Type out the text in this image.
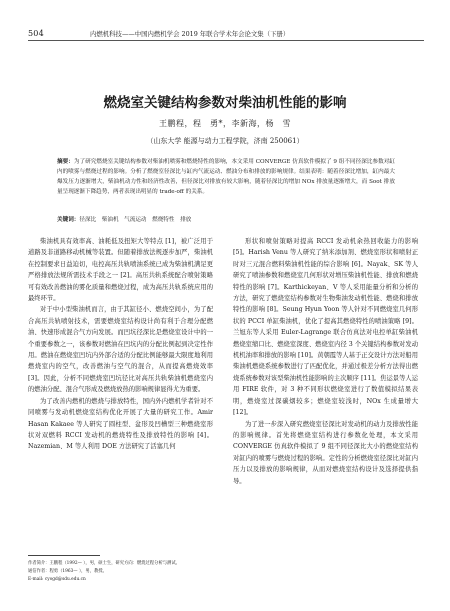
504	内燃机科技——中国内燃机学会 2019 年联合学术年会论文集（下册）
燃烧室关键结构参数对柴油机性能的影响
王鹏程，程　勇*，李新海，杨　雪
（山东大学 能源与动力工程学院，济南 250061）
摘要：为了研究燃烧室关键结构参数对柴油机喷雾和燃烧特性的影响，本文采用 CONVERGE 仿真软件模拟了 9 组不同径深比参数对缸内的喷雾与燃烧过程的影响。分析了燃烧室径深比与缸内气流运动、燃油分布和排放的影响规律。结果表明：随着径深比增加，缸内最大爆发压力逐渐增大，柴油机动力性和经济性改善，但径深比对排放有较大影响，随着径深比的增加 NOx 排放量逐渐增大，而 Soot 排放量呈现逐渐下降趋势，两者表现出明显的 trade-off 的关系。
关键词：径深比　柴油机　气流运动　燃烧特性　排放

柴油机具有效率高、油耗低及扭矩大等特点 [1]，被广泛用于道路及非道路移动机械等装置。但随着排放法规逐步加严，柴油机在控制要求日益迫切，电控高压共轨喷油系统已成为柴油机满足更严格排放法规所需技术手段之一 [2]。高压共轨系统配合喷射策略可有效改善燃油的雾化质量和燃烧过程，成为高压共轨系统应用的最终环节。

对于中小型柴油机而言，由于其缸径小、燃烧空间小，为了配合高压共轨喷射技术，需要燃烧室结构设计尚有利于合理分配燃油、快速形成混合气方向发展。而凹坑径深比是燃烧室设计中的一个重要参数之一，该参数对燃油在凹坑内的分配比例起到决定性作用。燃油在燃烧室凹坑内外部合适的分配比例能够最大限度地利用燃烧室内的空气，改善燃油与空气的混合，从而提高燃烧效率 [3]。因此，分析不同燃烧室凹坑径比对高压共轨柴油机燃烧室内的燃油分配、混合气形成及燃烧放热的影响规律显得尤为重要。

为了改善内燃机的燃烧与排放特性，国内外内燃机学者针对不同喷雾与发动机燃烧室结构优化开展了大量的研究工作。Amir Hasan Kakaee 等人研究了圆柱型、盆形及凹槽型三种燃烧室形状对双燃料 RCCI 发动机的燃烧特性及排放特性的影响 [4]。Nazemian、M 等人利用 DOE 方法研究了活塞几何

形状和喷射策略对提高 RCCI 发动机余热回收能力的影响 [5]。Harish Venu 等人研究了纳米添加剂、燃烧室形状和喷射正时对三元混合燃料柴油机性能的综合影响 [6]。Nayak、SK 等人研究了喷油参数和燃烧室几何形状对增压柴油机性能、排放和燃烧特性的影响 [7]。Karthickeyan、V 等人采用能量分析和分析的方法，研究了燃烧室结构参数对生物柴油发动机性能、燃烧和排放特性的影响 [8]。Seung Hyun Yoon 等人针对不同燃烧室几何形状的 PCCI 单缸柴油机，优化了提高其燃烧特性的喷油策略 [9]。兰旭东等人采用 Euler-Lagrange 联合仿真法对电控单缸柴油机燃烧室缩口比、燃烧室深度、燃烧室内径 3 个关键结构参数对发动机机油率和排放的影响 [10]。黄朝霞等人基于正交设计方法对船用柴油机燃烧系统参数进行了匹配优化，并通过极差分析方法得出燃烧系统参数对该型柴油机性能影响的主次顺序 [11]。焦运景等人运用 FIRE 软件，对 3 种不同形状燃烧室进行了数值模拟结果表明，燃烧室过深碳烟较多；燃烧室较浅时，NOx 生成量增大 [12]。

为了进一步深入研究燃烧室径深比对发动机的动力及排放性能的影响规律。首先将燃烧室结构进行参数化处理，本文采用 CONVERGE 仿真软件模拟了 9 组不同径深比大小的燃烧室结构对缸内的喷雾与燃烧过程的影响。定性的分析燃烧室径深比对缸内压力以及排放的影响规律，从而对燃烧室结构设计及选择提供指导。

作者简介：王鹏程（1992— ），男，硕士生，研究方向：燃烧过程分析与测试。
通信作者：程勇（1963— ），男，教授。
E-mail: cyogd@sdu.edu.cn
